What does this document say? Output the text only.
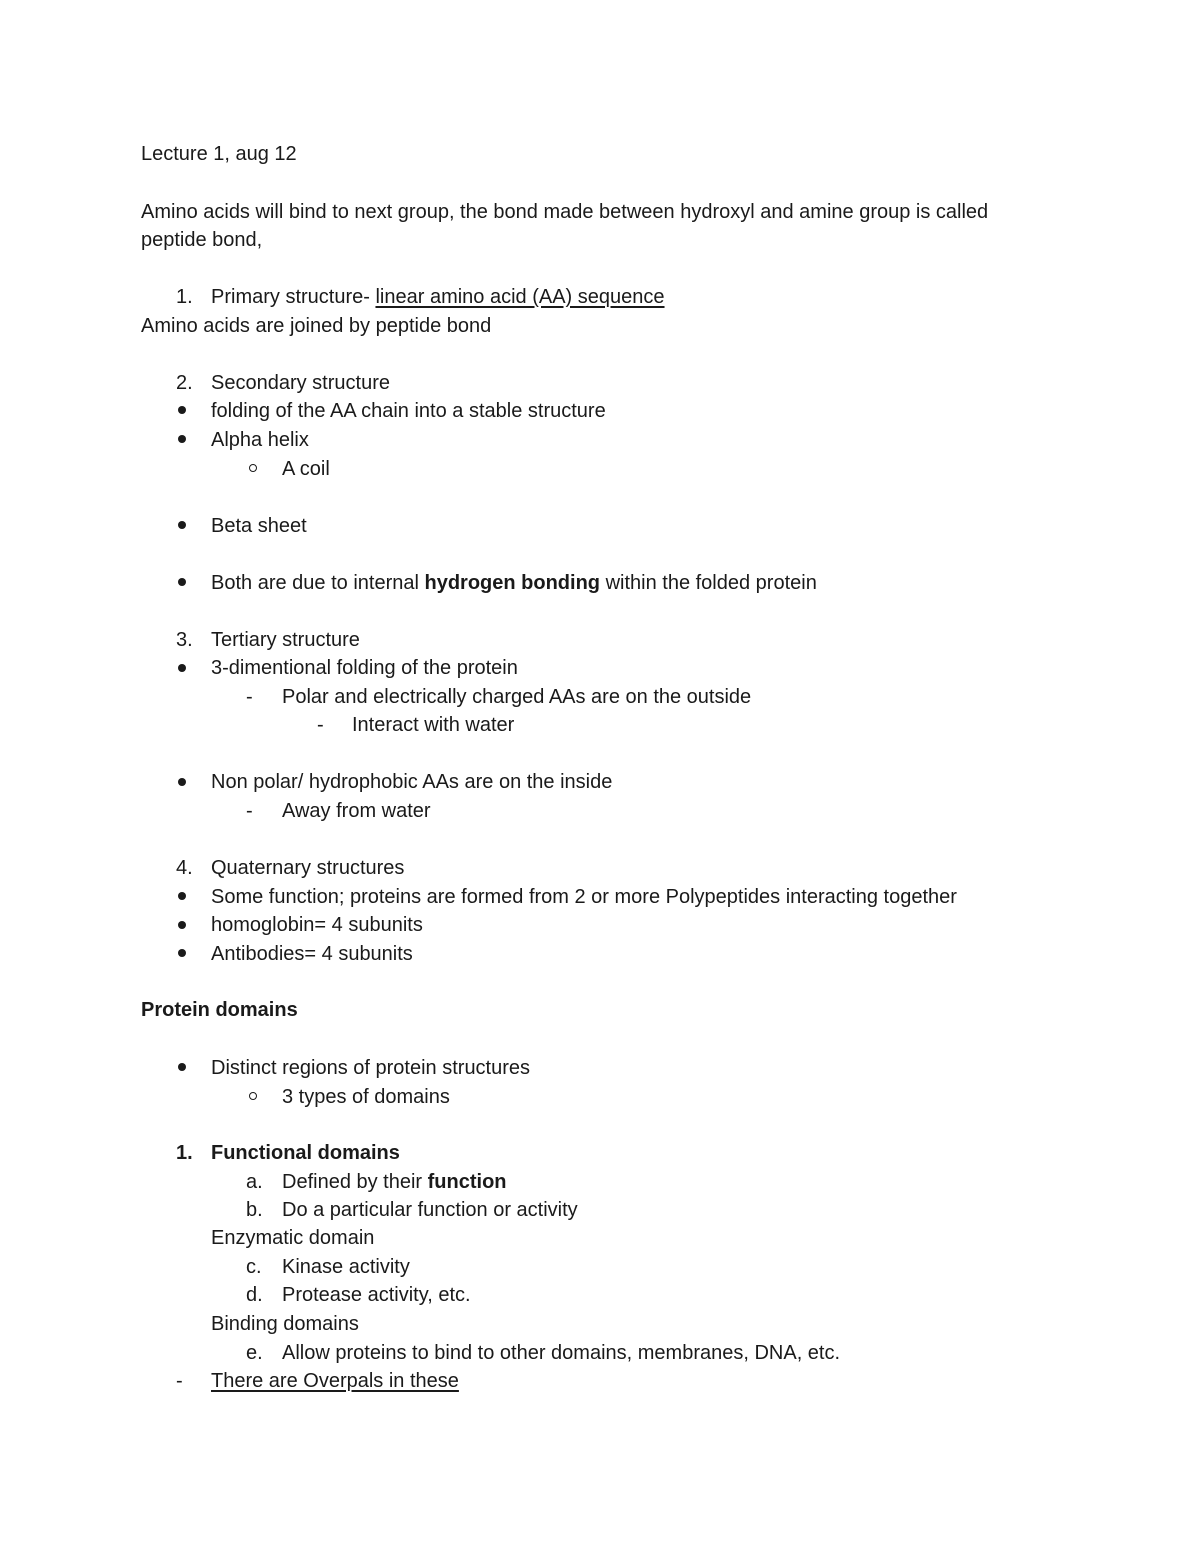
Lecture 1, aug 12
Amino acids will bind to next group, the bond made between hydroxyl and amine group is called
peptide bond,
1. Primary structure- linear amino acid (AA) sequence
Amino acids are joined by peptide bond
2. Secondary structure
folding of the AA chain into a stable structure
Alpha helix
A coil
Beta sheet
Both are due to internal hydrogen bonding within the folded protein
3. Tertiary structure
3-dimentional folding of the protein
- Polar and electrically charged AAs are on the outside
- Interact with water
Non polar/ hydrophobic AAs are on the inside
- Away from water
4. Quaternary structures
Some function; proteins are formed from 2 or more Polypeptides interacting together
homoglobin= 4 subunits
Antibodies= 4 subunits
Protein domains
Distinct regions of protein structures
3 types of domains
1. Functional domains
a. Defined by their function
b. Do a particular function or activity
Enzymatic domain
c. Kinase activity
d. Protease activity, etc.
Binding domains
e. Allow proteins to bind to other domains, membranes, DNA, etc.
- There are Overpals in these
